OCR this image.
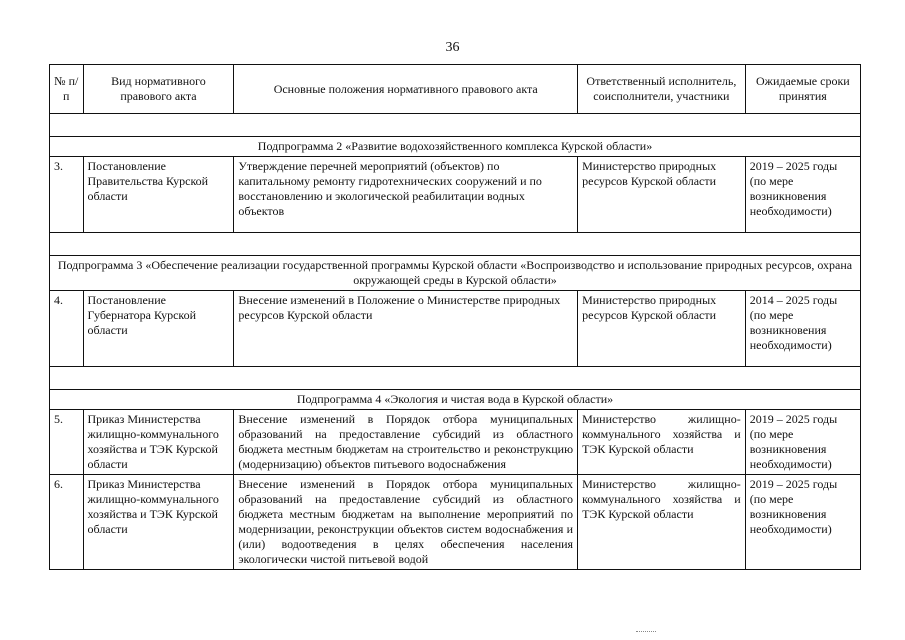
36
№ п/п	Вид нормативного правового акта	Основные положения нормативного правового акта	Ответственный исполнитель, соисполнители, участники	Ожидаемые сроки принятия

Подпрограмма 2 «Развитие водохозяйственного комплекса Курской области»				
3.	Постановление Правительства Курской области	Утверждение перечней мероприятий (объектов) по капитальному ремонту гидротехнических сооружений и по восстановлению и экологической реабилитации водных объектов	Министерство природных ресурсов Курской области	2019 – 2025 годы (по мере возникновения необходимости)

Подпрограмма 3 «Обеспечение реализации государственной программы Курской области «Воспроизводство и использование природных ресурсов, охрана окружающей среды в Курской области»				
4.	Постановление Губернатора Курской области	Внесение изменений в Положение о Министерстве природных ресурсов Курской области	Министерство природных ресурсов Курской области	2014 – 2025 годы (по мере возникновения необходимости)

Подпрограмма 4 «Экология и чистая вода в Курской области»				
5.	Приказ Министерства жилищно-коммунального хозяйства и ТЭК Курской области	Внесение изменений в Порядок отбора муниципальных образований на предоставление субсидий из областного бюджета местным бюджетам на строительство и реконструкцию (модернизацию) объектов питьевого водоснабжения	Министерство жилищно-коммунального хозяйства и ТЭК Курской области	2019 – 2025 годы (по мере возникновения необходимости)
6.	Приказ Министерства жилищно-коммунального хозяйства и ТЭК Курской области	Внесение изменений в Порядок отбора муниципальных образований на предоставление субсидий из областного бюджета местным бюджетам на выполнение мероприятий по модернизации, реконструкции объектов систем водоснабжения и (или) водоотведения в целях обеспечения населения экологически чистой питьевой водой	Министерство жилищно-коммунального хозяйства и ТЭК Курской области	2019 – 2025 годы (по мере возникновения необходимости)
